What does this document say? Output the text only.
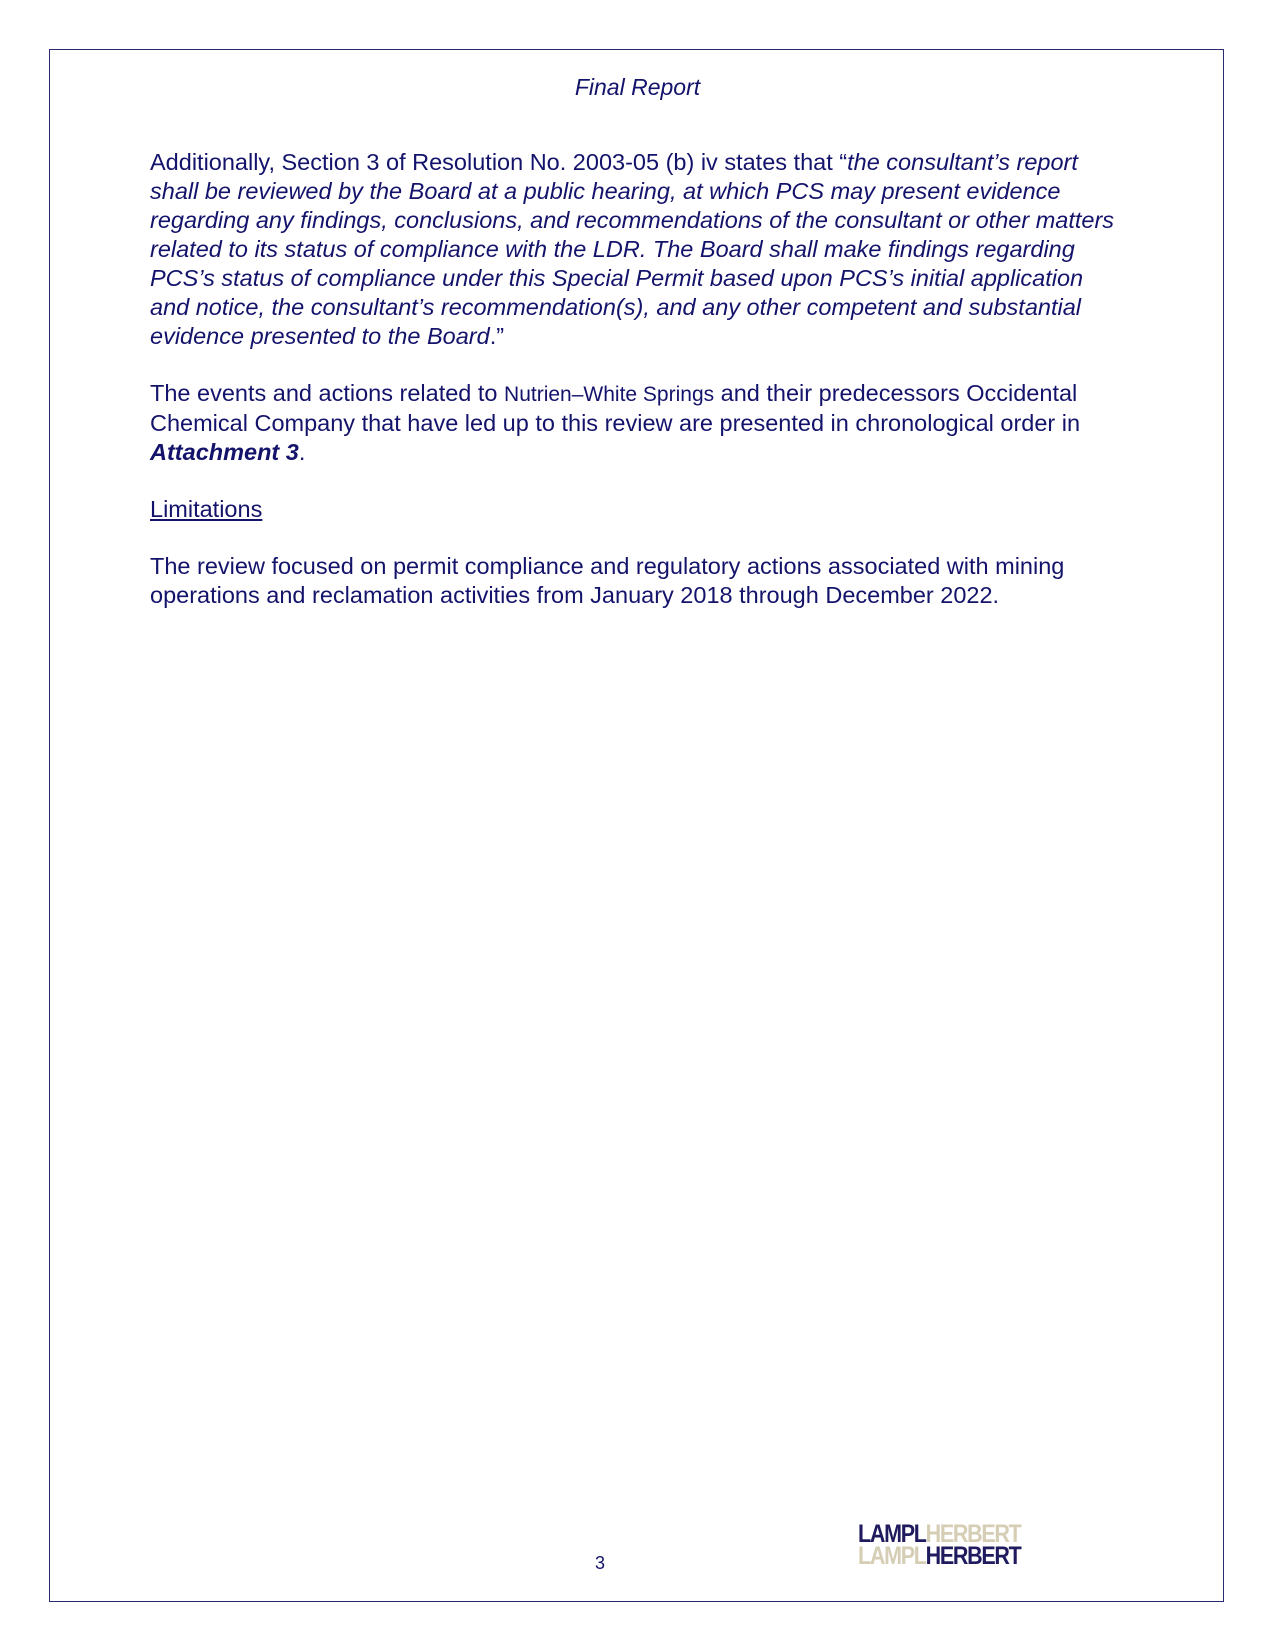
Final Report

Additionally, Section 3 of Resolution No. 2003-05 (b) iv states that “the consultant’s report shall be reviewed by the Board at a public hearing, at which PCS may present evidence regarding any findings, conclusions, and recommendations of the consultant or other matters related to its status of compliance with the LDR. The Board shall make findings regarding PCS’s status of compliance under this Special Permit based upon PCS’s initial application and notice, the consultant’s recommendation(s), and any other competent and substantial evidence presented to the Board.”

The events and actions related to Nutrien–White Springs and their predecessors Occidental Chemical Company that have led up to this review are presented in chronological order in Attachment 3.

Limitations

The review focused on permit compliance and regulatory actions associated with mining operations and reclamation activities from January 2018 through December 2022.

3
LAMPLHERBERT
LAMPLHERBERT
